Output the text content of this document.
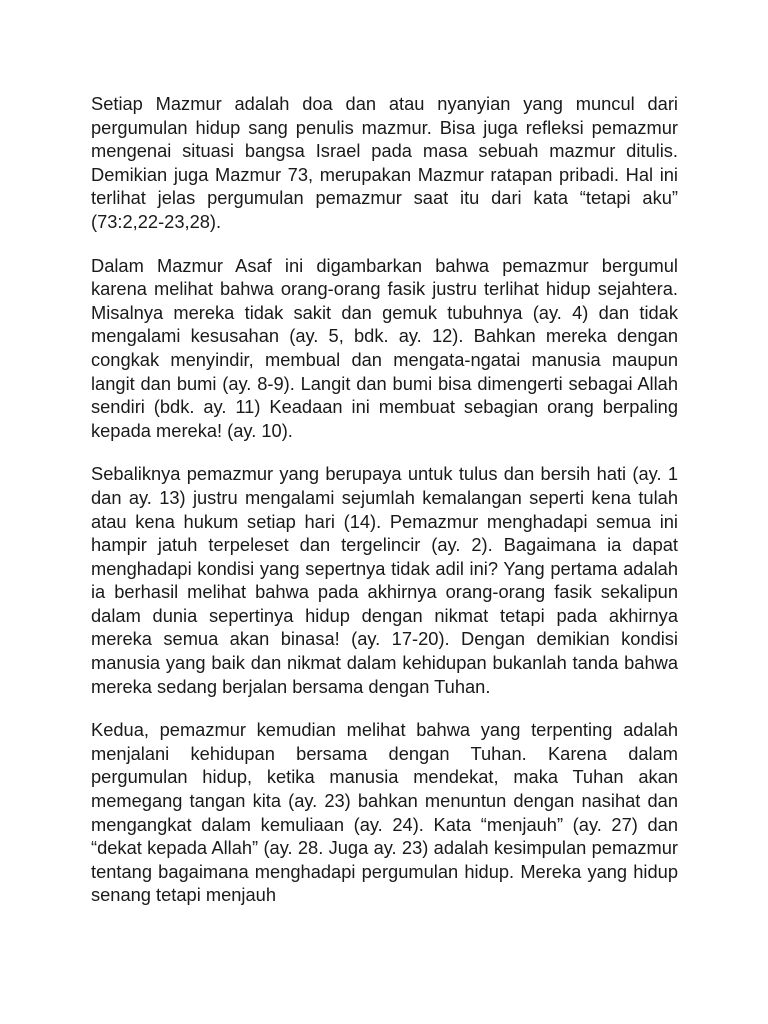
Setiap Mazmur adalah doa dan atau nyanyian yang muncul dari pergumulan hidup sang penulis mazmur. Bisa juga refleksi pemazmur mengenai situasi bangsa Israel pada masa sebuah mazmur ditulis. Demikian juga Mazmur 73, merupakan Mazmur ratapan pribadi. Hal ini terlihat jelas pergumulan pemazmur saat itu dari kata “tetapi aku” (73:2,22-23,28).

Dalam Mazmur Asaf ini digambarkan bahwa pemazmur bergumul karena melihat bahwa orang-orang fasik justru terlihat hidup sejahtera. Misalnya mereka tidak sakit dan gemuk tubuhnya (ay. 4) dan tidak mengalami kesusahan (ay. 5, bdk. ay. 12). Bahkan mereka dengan congkak menyindir, membual dan mengata-ngatai manusia maupun langit dan bumi (ay. 8-9). Langit dan bumi bisa dimengerti sebagai Allah sendiri (bdk. ay. 11) Keadaan ini membuat sebagian orang berpaling kepada mereka! (ay. 10).

Sebaliknya pemazmur yang berupaya untuk tulus dan bersih hati (ay. 1 dan ay. 13) justru mengalami sejumlah kemalangan seperti kena tulah atau kena hukum setiap hari (14). Pemazmur menghadapi semua ini hampir jatuh terpeleset dan tergelincir (ay. 2). Bagaimana ia dapat menghadapi kondisi yang sepertnya tidak adil ini? Yang pertama adalah ia berhasil melihat bahwa pada akhirnya orang-orang fasik sekalipun dalam dunia sepertinya hidup dengan nikmat tetapi pada akhirnya mereka semua akan binasa! (ay. 17-20). Dengan demikian kondisi manusia yang baik dan nikmat dalam kehidupan bukanlah tanda bahwa mereka sedang berjalan bersama dengan Tuhan.

Kedua, pemazmur kemudian melihat bahwa yang terpenting adalah menjalani kehidupan bersama dengan Tuhan. Karena dalam pergumulan hidup, ketika manusia mendekat, maka Tuhan akan memegang tangan kita (ay. 23) bahkan menuntun dengan nasihat dan mengangkat dalam kemuliaan (ay. 24). Kata “menjauh” (ay. 27) dan “dekat kepada Allah” (ay. 28. Juga ay. 23) adalah kesimpulan pemazmur tentang bagaimana menghadapi pergumulan hidup. Mereka yang hidup senang tetapi menjauh
